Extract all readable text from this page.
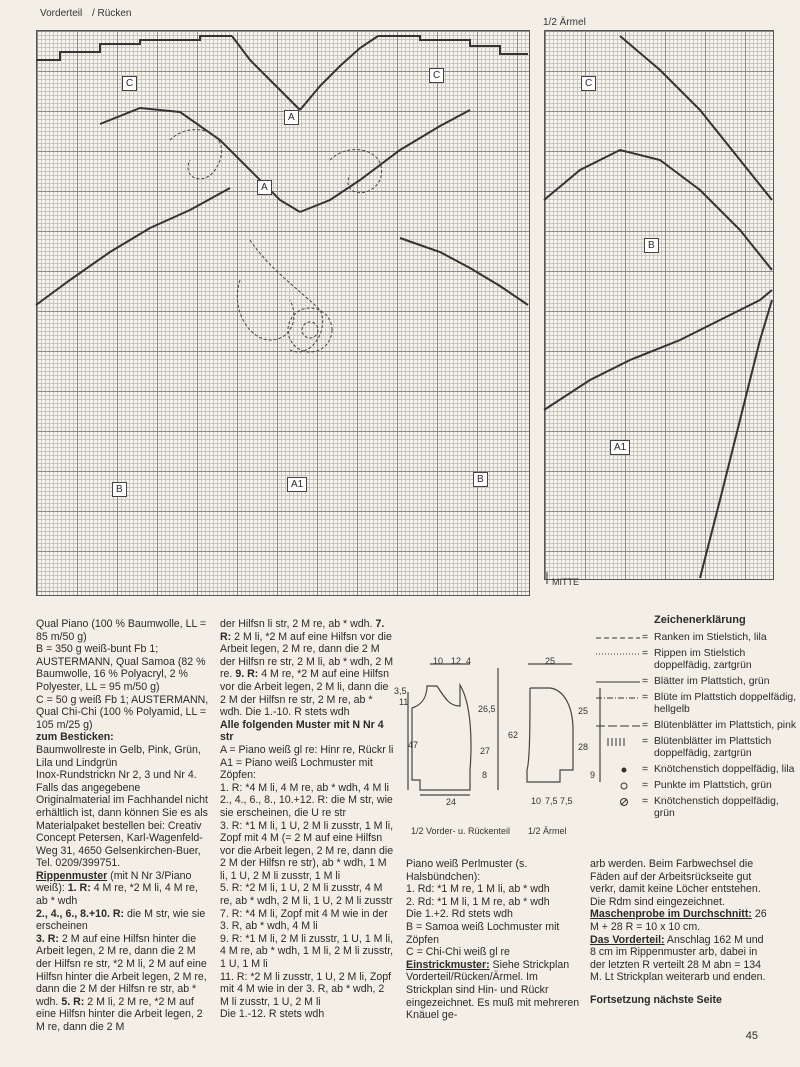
Vorderteil / Rücken
1/2 Ärmel
C
C
A
A
B	A1	B
C
B
A1
MITTE

Qual Piano (100 % Baumwolle, LL = 85 m/50 g)

B = 350 g weiß-bunt Fb 1; AUSTERMANN, Qual Samoa (82 % Baumwolle, 16 % Polyacryl, 2 % Polyester, LL = 95 m/50 g)

C = 50 g weiß Fb 1; AUSTERMANN, Qual Chi-Chi (100 % Polyamid, LL = 105 m/25 g)

zum Besticken:
Baumwollreste in Gelb, Pink, Grün, Lila und Lindgrün

Inox-Rundstrickn Nr 2, 3 und Nr 4.

Falls das angegebene Originalmaterial im Fachhandel nicht erhältlich ist, dann können Sie es als Materialpaket bestellen bei: Creativ Concept Petersen, Karl-Wagenfeld-Weg 31, 4650 Gelsenkirchen-Buer, Tel. 0209/399751.

Rippenmuster (mit N Nr 3/Piano weiß): 1. R: 4 M re, *2 M li, 4 M re, ab * wdh

2., 4., 6., 8.+10. R: die M str, wie sie erscheinen

3. R: 2 M auf eine Hilfsn hinter die Arbeit legen, 2 M re, dann die 2 M der Hilfsn re str, *2 M li, 2 M auf eine Hilfsn hinter die Arbeit legen, 2 M re, dann die 2 M der Hilfsn re str, ab * wdh. 5. R: 2 M li, 2 M re, *2 M auf eine Hilfsn hinter die Arbeit legen, 2 M re, dann die 2 M

der Hilfsn li str, 2 M re, ab * wdh. 7. R: 2 M li, *2 M auf eine Hilfsn vor die Arbeit legen, 2 M re, dann die 2 M der Hilfsn re str, 2 M li, ab * wdh, 2 M re. 9. R: 4 M re, *2 M auf eine Hilfsn vor die Arbeit legen, 2 M li, dann die 2 M der Hilfsn re str, 2 M re, ab * wdh. Die 1.-10. R stets wdh

Alle folgenden Muster mit N Nr 4 str

A = Piano weiß gl re: Hinr re, Rückr li

A1 = Piano weiß Lochmuster mit Zöpfen:

1. R: *4 M li, 4 M re, ab * wdh, 4 M li

2., 4., 6., 8., 10.+12. R: die M str, wie sie erscheinen, die U re str

3. R: *1 M li, 1 U, 2 M li zusstr, 1 M li, Zopf mit 4 M (= 2 M auf eine Hilfsn vor die Arbeit legen, 2 M re, dann die 2 M der Hilfsn re str), ab * wdh, 1 M li, 1 U, 2 M li zusstr, 1 M li

5. R: *2 M li, 1 U, 2 M li zusstr, 4 M re, ab * wdh, 2 M li, 1 U, 2 M li zusstr

7. R: *4 M li, Zopf mit 4 M wie in der 3. R, ab * wdh, 4 M li

9. R: *1 M li, 2 M li zusstr, 1 U, 1 M li, 4 M re, ab * wdh, 1 M li, 2 M li zusstr, 1 U, 1 M li

11. R: *2 M li zusstr, 1 U, 2 M li, Zopf mit 4 M wie in der 3. R, ab * wdh, 2 M li zusstr, 1 U, 2 M li

Die 1.-12. R stets wdh

10 12 4
3,5
11
26,5
47
27
8
62
24
25
25
28
9
10 7,5 7,5
1/2 Vorder- u. Rückenteil 1/2 Ärmel

Piano weiß Perlmuster (s. Halsbündchen):

1. Rd: *1 M re, 1 M li, ab * wdh

2. Rd: *1 M li, 1 M re, ab * wdh

Die 1.+2. Rd stets wdh

B = Samoa weiß Lochmuster mit Zöpfen

C = Chi-Chi weiß gl re

Einstrickmuster: Siehe Strickplan Vorderteil/Rücken/Ärmel. Im Strickplan sind Hin- und Rückr eingezeichnet. Es muß mit mehreren Knäuel ge-

arb werden. Beim Farbwechsel die Fäden auf der Arbeitsrückseite gut verkr, damit keine Löcher entstehen. Die Rdm sind eingezeichnet.

Maschenprobe im Durchschnitt: 26 M + 28 R = 10 x 10 cm.

Das Vorderteil: Anschlag 162 M und 8 cm im Rippenmuster arb, dabei in der letzten R verteilt 28 M abn = 134 M. Lt Strickplan weiterarb und enden.

Fortsetzung nächste Seite

Zeichenerklärung
= Ranken im Stielstich, lila
= Rippen im Stielstich doppelfädig, zartgrün
= Blätter im Plattstich, grün
= Blüte im Plattstich doppelfädig, hellgelb
= Blütenblätter im Plattstich, pink
= Blütenblätter im Plattstich doppelfädig, zartgrün
= Knötchenstich doppelfädig, lila
= Punkte im Plattstich, grün
= Knötchenstich doppelfädig, grün
45
